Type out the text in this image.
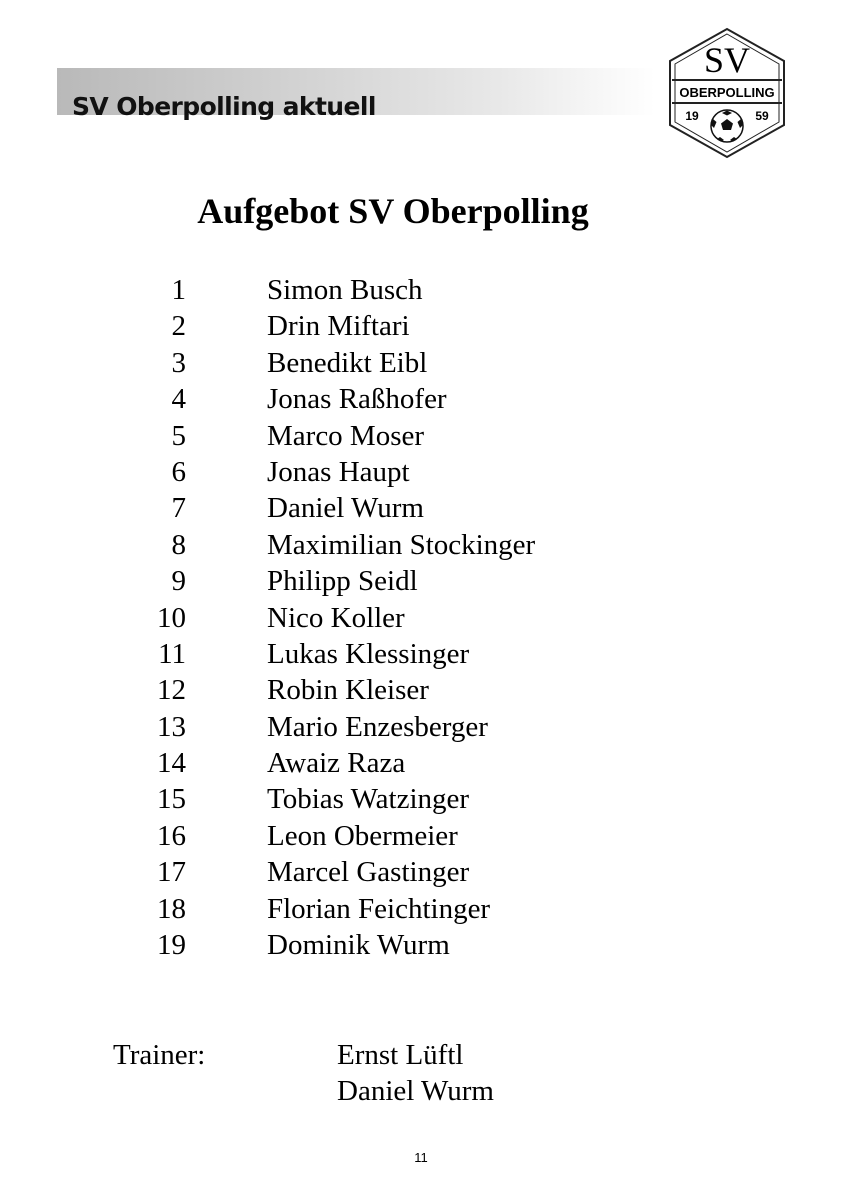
SV Oberpolling aktuell
SV
OBERPOLLING
19	59
Aufgebot SV Oberpolling
1	Simon Busch
2	Drin Miftari
3	Benedikt Eibl
4	Jonas Raßhofer
5	Marco Moser
6	Jonas Haupt
7	Daniel Wurm
8	Maximilian Stockinger
9	Philipp Seidl
10	Nico Koller
11	Lukas Klessinger
12	Robin Kleiser
13	Mario Enzesberger
14	Awaiz Raza
15	Tobias Watzinger
16	Leon Obermeier
17	Marcel Gastinger
18	Florian Feichtinger
19	Dominik Wurm
Trainer:	Ernst Lüftl
Daniel Wurm
11
